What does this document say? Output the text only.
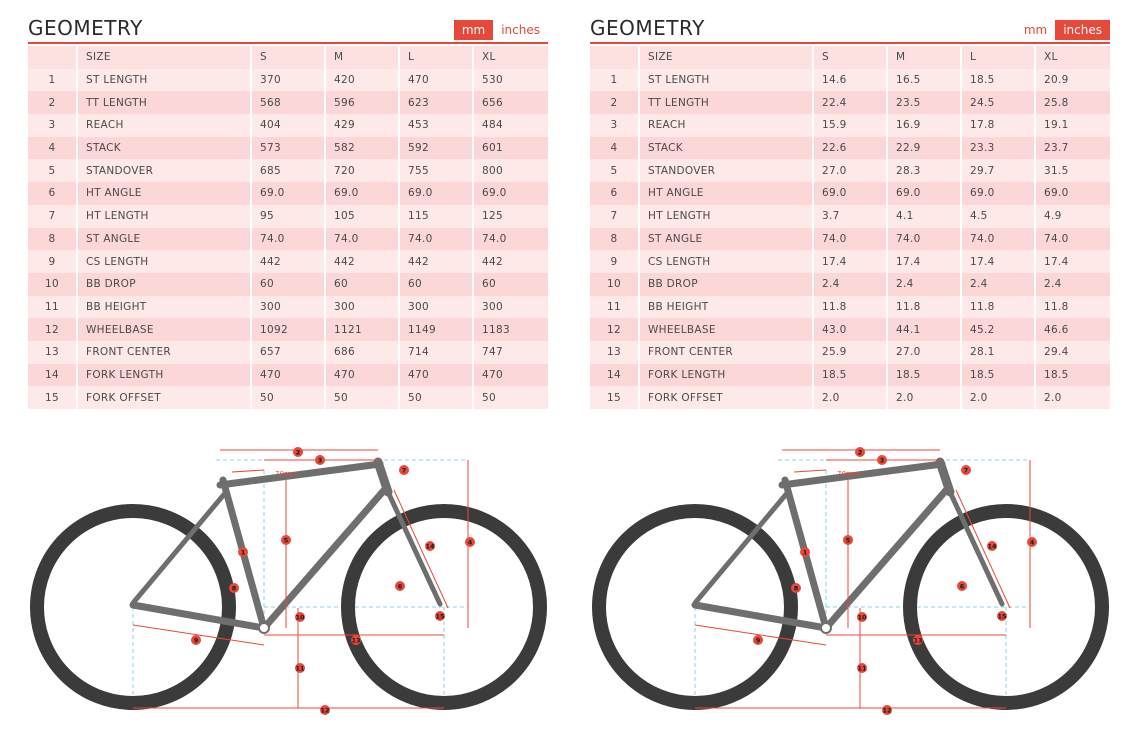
GEOMETRY	mm	inches
	SIZE	S	M	L	XL
1	ST LENGTH	370	420	470	530
2	TT LENGTH	568	596	623	656
3	REACH	404	429	453	484
4	STACK	573	582	592	601
5	STANDOVER	685	720	755	800
6	HT ANGLE	69.0	69.0	69.0	69.0
7	HT LENGTH	95	105	115	125
8	ST ANGLE	74.0	74.0	74.0	74.0
9	CS LENGTH	442	442	442	442
10	BB DROP	60	60	60	60
11	BB HEIGHT	300	300	300	300
12	WHEELBASE	1092	1121	1149	1183
13	FRONT CENTER	657	686	714	747
14	FORK LENGTH	470	470	470	470
15	FORK OFFSET	50	50	50	50
GEOMETRY	mm	inches
	SIZE	S	M	L	XL
1	ST LENGTH	14.6	16.5	18.5	20.9
2	TT LENGTH	22.4	23.5	24.5	25.8
3	REACH	15.9	16.9	17.8	19.1
4	STACK	22.6	22.9	23.3	23.7
5	STANDOVER	27.0	28.3	29.7	31.5
6	HT ANGLE	69.0	69.0	69.0	69.0
7	HT LENGTH	3.7	4.1	4.5	4.9
8	ST ANGLE	74.0	74.0	74.0	74.0
9	CS LENGTH	17.4	17.4	17.4	17.4
10	BB DROP	2.4	2.4	2.4	2.4
11	BB HEIGHT	11.8	11.8	11.8	11.8
12	WHEELBASE	43.0	44.1	45.2	46.6
13	FRONT CENTER	25.9	27.0	28.1	29.4
14	FORK LENGTH	18.5	18.5	18.5	18.5
15	FORK OFFSET	2.0	2.0	2.0	2.0
70mm
1
2
3
4
5
6
7
8
9
10
11
12
13
14
15
70mm
1
2
3
4
5
6
7
8
9
10
11
12
13
14
15
